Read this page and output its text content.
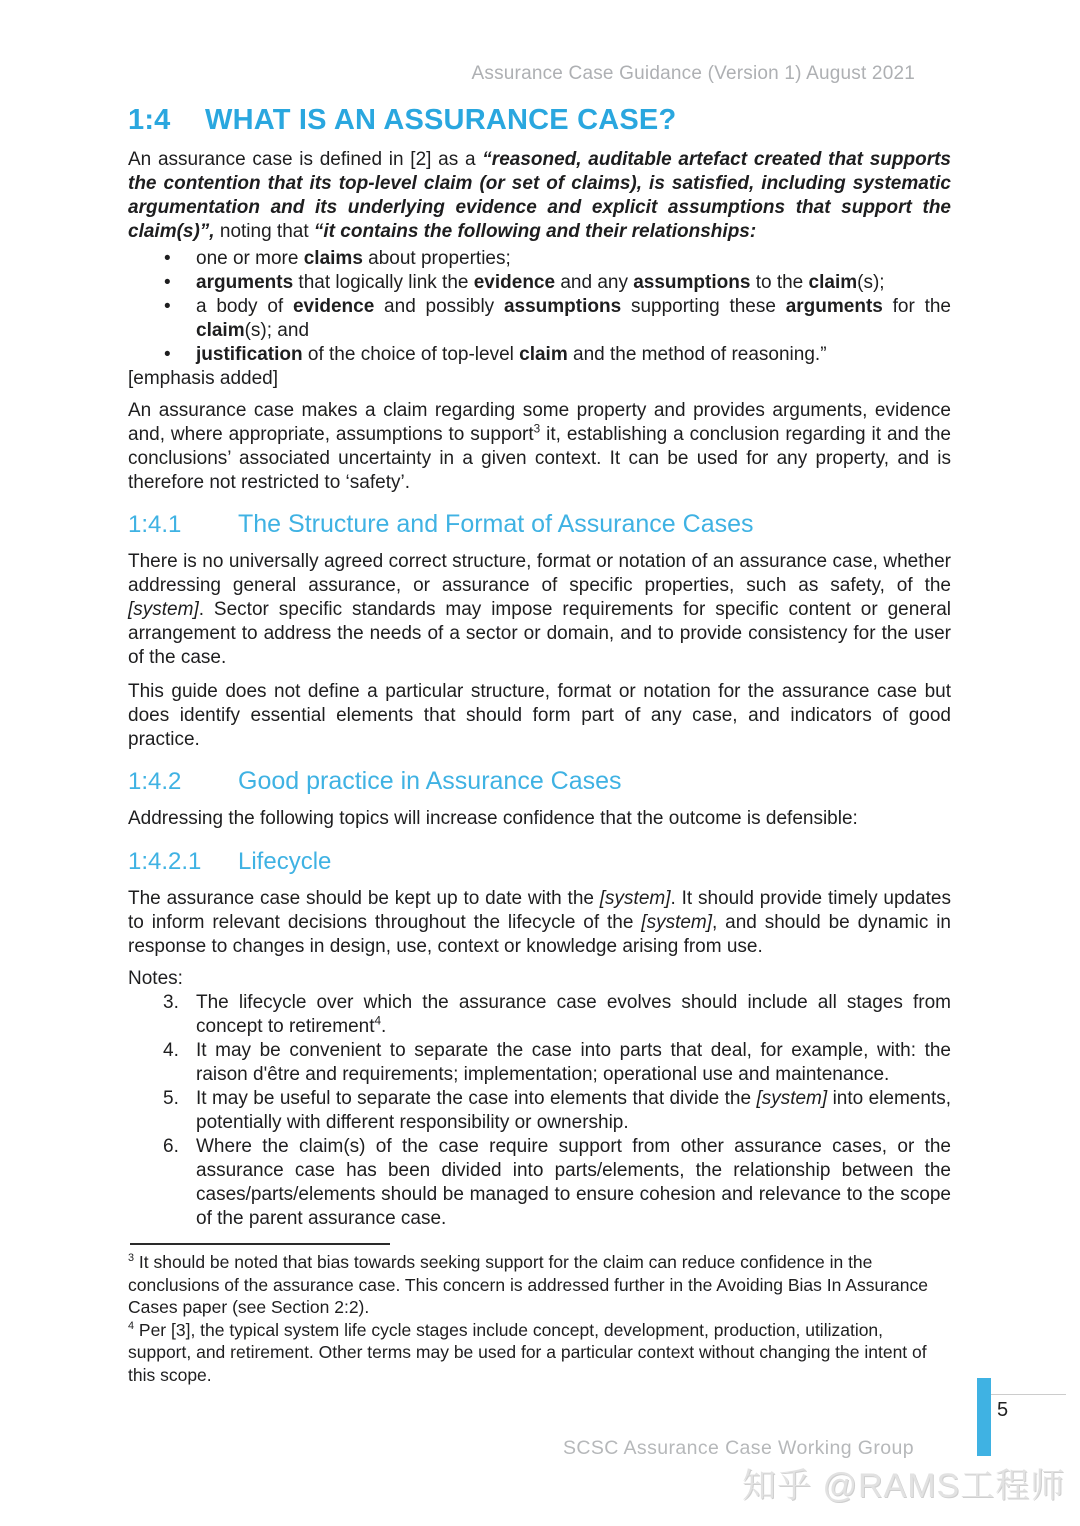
Assurance Case Guidance (Version 1) August 2021
1:4 WHAT IS AN ASSURANCE CASE?

An assurance case is defined in [2] as a “reasoned, auditable artefact created that supports the contention that its top-level claim (or set of claims), is satisfied, including systematic argumentation and its underlying evidence and explicit assumptions that support the claim(s)”, noting that “it contains the following and their relationships:

• one or more claims about properties;
• arguments that logically link the evidence and any assumptions to the claim(s);
• a body of evidence and possibly assumptions supporting these arguments for the claim(s); and
• justification of the choice of top-level claim and the method of reasoning.”

[emphasis added]

An assurance case makes a claim regarding some property and provides arguments, evidence and, where appropriate, assumptions to support$^3$ it, establishing a conclusion regarding it and the conclusions’ associated uncertainty in a given context. It can be used for any property, and is therefore not restricted to ‘safety’.

1:4.1 The Structure and Format of Assurance Cases

There is no universally agreed correct structure, format or notation of an assurance case, whether addressing general assurance, or assurance of specific properties, such as safety, of the [system]. Sector specific standards may impose requirements for specific content or general arrangement to address the needs of a sector or domain, and to provide consistency for the user of the case.

This guide does not define a particular structure, format or notation for the assurance case but does identify essential elements that should form part of any case, and indicators of good practice.

1:4.2 Good practice in Assurance Cases

Addressing the following topics will increase confidence that the outcome is defensible:

1:4.2.1 Lifecycle

The assurance case should be kept up to date with the [system]. It should provide timely updates to inform relevant decisions throughout the lifecycle of the [system], and should be dynamic in response to changes in design, use, context or knowledge arising from use.

Notes:

3. The lifecycle over which the assurance case evolves should include all stages from concept to retirement$^4$.
4. It may be convenient to separate the case into parts that deal, for example, with: the raison d'être and requirements; implementation; operational use and maintenance.
5. It may be useful to separate the case into elements that divide the [system] into elements, potentially with different responsibility or ownership.
6. Where the claim(s) of the case require support from other assurance cases, or the assurance case has been divided into parts/elements, the relationship between the cases/parts/elements should be managed to ensure cohesion and relevance to the scope of the parent assurance case.

$^3$ It should be noted that bias towards seeking support for the claim can reduce confidence in the conclusions of the assurance case. This concern is addressed further in the Avoiding Bias In Assurance Cases paper (see Section 2:2).

$^4$ Per [3], the typical system life cycle stages include concept, development, production, utilization, support, and retirement. Other terms may be used for a particular context without changing the intent of this scope.

5
SCSC Assurance Case Working Group
知乎 @RAMS工程师
